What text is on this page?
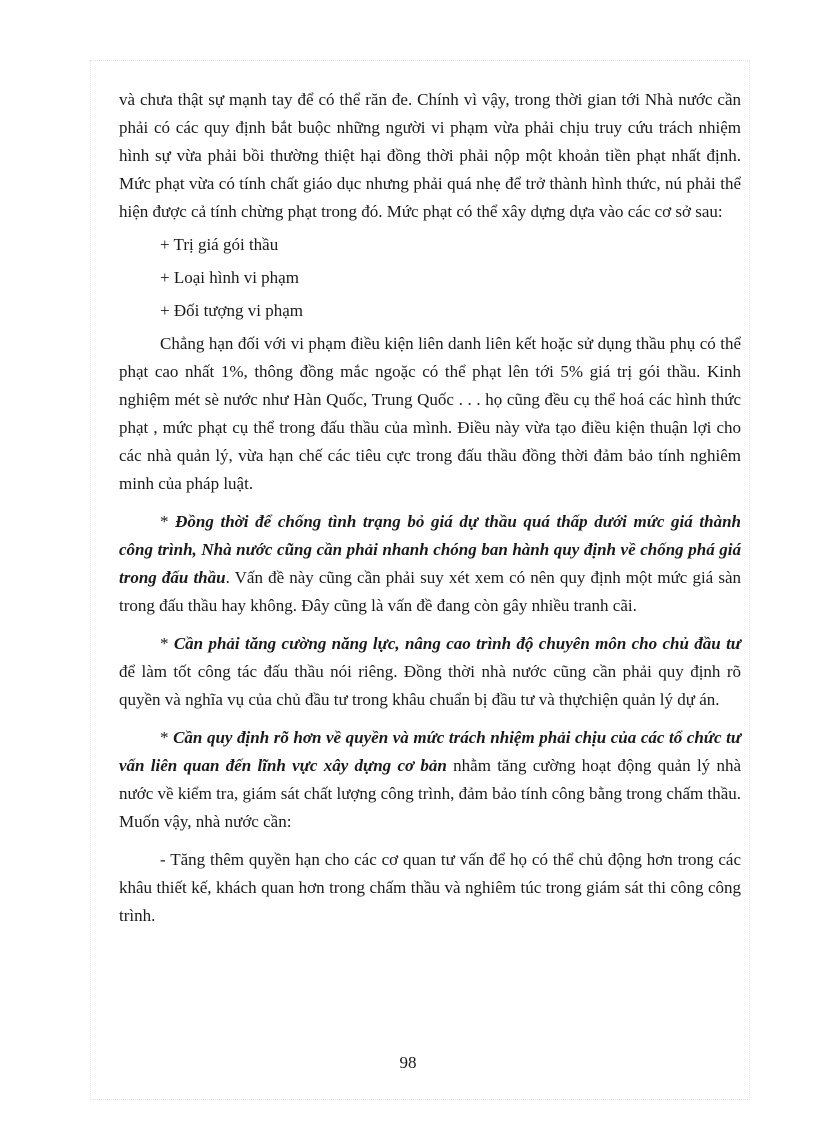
và chưa thật sự mạnh tay để có thể răn đe. Chính vì vậy, trong thời gian tới Nhà nước cần phải có các quy định bắt buộc những người vi phạm vừa phải chịu truy cứu trách nhiệm hình sự vừa phải bồi thường thiệt hại đồng thời phải nộp một khoản tiền phạt nhất định. Mức phạt vừa có tính chất giáo dục nhưng phải quá nhẹ để trở thành hình thức, nú phải thể hiện được cả tính chừng phạt trong đó. Mức phạt có thể xây dựng dựa vào các cơ sở sau:

+ Trị giá gói thầu

+ Loại hình vi phạm

+ Đối tượng vi phạm

Chẳng hạn đối với vi phạm điều kiện liên danh liên kết hoặc sử dụng thầu phụ có thể phạt cao nhất 1%, thông đồng mắc ngoặc có thể phạt lên tới 5% giá trị gói thầu. Kinh nghiệm mét sè nước như Hàn Quốc, Trung Quốc . . . họ cũng đều cụ thể hoá các hình thức phạt , mức phạt cụ thể trong đấu thầu của mình. Điều này vừa tạo điều kiện thuận lợi cho các nhà quản lý, vừa hạn chế các tiêu cực trong đấu thầu đồng thời đảm bảo tính nghiêm minh của pháp luật.

* Đồng thời để chống tình trạng bỏ giá dự thầu quá thấp dưới mức giá thành công trình, Nhà nước cũng cần phải nhanh chóng ban hành quy định về chống phá giá trong đấu thầu. Vấn đề này cũng cần phải suy xét xem có nên quy định một mức giá sàn trong đấu thầu hay không. Đây cũng là vấn đề đang còn gây nhiều tranh cãi.

* Cần phải tăng cường năng lực, nâng cao trình độ chuyên môn cho chủ đầu tư để làm tốt công tác đấu thầu nói riêng. Đồng thời nhà nước cũng cần phải quy định rõ quyền và nghĩa vụ của chủ đầu tư trong khâu chuẩn bị đầu tư và thựchiện quản lý dự án.

* Cần quy định rõ hơn về quyền và mức trách nhiệm phải chịu của các tổ chức tư vấn liên quan đến lĩnh vực xây dựng cơ bản nhằm tăng cường hoạt động quản lý nhà nước về kiểm tra, giám sát chất lượng công trình, đảm bảo tính công bằng trong chấm thầu. Muốn vậy, nhà nước cần:

- Tăng thêm quyền hạn cho các cơ quan tư vấn để họ có thể chủ động hơn trong các khâu thiết kế, khách quan hơn trong chấm thầu và nghiêm túc trong giám sát thi công công trình.

98
